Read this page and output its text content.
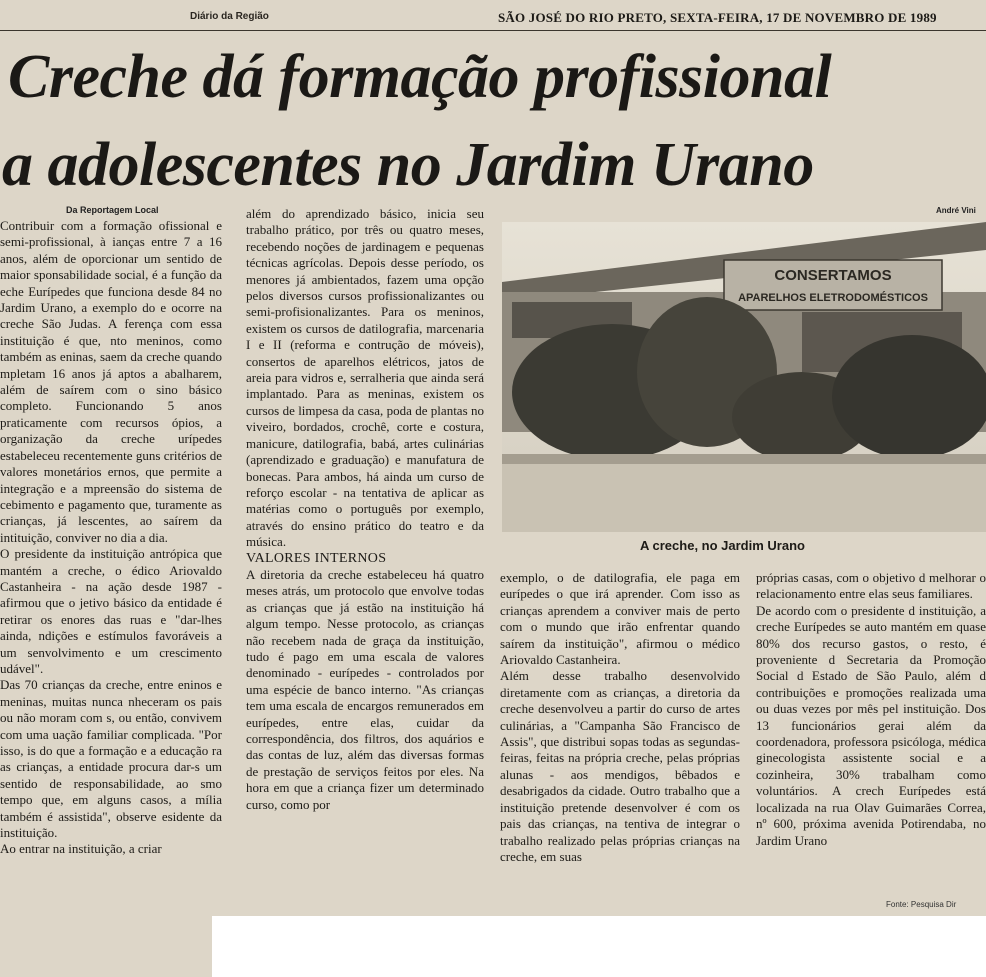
Diário da Região	SÃO JOSÉ DO RIO PRETO, SEXTA-FEIRA, 17 DE NOVEMBRO DE 1989
Creche dá formação profissional
a adolescentes no Jardim Urano
Da Reportagem Local	André Vini

Contribuir com a formação ofissional e semi-profissional, à ianças entre 7 a 16 anos, além de oporcionar um sentido de maior sponsabilidade social, é a função da eche Eurípedes que funciona desde 84 no Jardim Urano, a exemplo do e ocorre na creche São Judas. A ferença com essa instituição é que, nto meninos, como também as eninas, saem da creche quando mpletam 16 anos já aptos a abalharem, além de saírem com o sino básico completo. Funcionando 5 anos praticamente com recursos ópios, a organização da creche urípedes estabeleceu recentemente guns critérios de valores monetários ernos, que permite a integração e a mpreensão do sistema de cebimento e pagamento que, turamente as crianças, já lescentes, ao saírem da intituição, conviver no dia a dia.

O presidente da instituição antrópica que mantém a creche, o édico Ariovaldo Castanheira - na ação desde 1987 - afirmou que o jetivo básico da entidade é retirar os enores das ruas e "dar-lhes ainda, ndições e estímulos favoráveis a um senvolvimento e um crescimento udável".

Das 70 crianças da creche, entre eninos e meninas, muitas nunca nheceram os pais ou não moram com s, ou então, convivem com uma uação familiar complicada. "Por isso, is do que a formação e a educação ra as crianças, a entidade procura dar-s um sentido de responsabilidade, ao smo tempo que, em alguns casos, a mília também é assistida", observe esidente da instituição.

Ao entrar na instituição, a criar

além do aprendizado básico, inicia seu trabalho prático, por três ou quatro meses, recebendo noções de jardinagem e pequenas técnicas agrícolas. Depois desse período, os menores já ambientados, fazem uma opção pelos diversos cursos profissionalizantes ou semi-profisionalizantes. Para os meninos, existem os cursos de datilografia, marcenaria I e II (reforma e contrução de móveis), consertos de aparelhos elétricos, jatos de areia para vidros e, serralheria que ainda será implantado. Para as meninas, existem os cursos de limpesa da casa, poda de plantas no viveiro, bordados, crochê, corte e costura, manicure, datilografia, babá, artes culinárias (aprendizado e graduação) e manufatura de bonecas. Para ambos, há ainda um curso de reforço escolar - na tentativa de aplicar as matérias como o português por exemplo, através do ensino prático do teatro e da música.

VALORES INTERNOS

A diretoria da creche estabeleceu há quatro meses atrás, um protocolo que envolve todas as crianças que já estão na instituição há algum tempo. Nesse protocolo, as crianças não recebem nada de graça da instituição, tudo é pago em uma escala de valores denominado - eurípedes - controlados por uma espécie de banco interno. "As crianças tem uma escala de encargos remunerados em eurípedes, entre elas, cuidar da correspondência, dos filtros, dos aquários e das contas de luz, além das diversas formas de prestação de serviços feitos por eles. Na hora em que a criança fizer um determinado curso, como por

CONSERTAMOS
APARELHOS ELETRODOMÉSTICOS
A creche, no Jardim Urano

exemplo, o de datilografia, ele paga em eurípedes o que irá aprender. Com isso as crianças aprendem a conviver mais de perto com o mundo que irão enfrentar quando saírem da instituição", afirmou o médico Ariovaldo Castanheira.

Além desse trabalho desenvolvido diretamente com as crianças, a diretoria da creche desenvolveu a partir do curso de artes culinárias, a "Campanha São Francisco de Assis", que distribui sopas todas as segundas-feiras, feitas na própria creche, pelas próprias alunas - aos mendigos, bêbados e desabrigados da cidade. Outro trabalho que a instituição pretende desenvolver é com os pais das crianças, na tentiva de integrar o trabalho realizado pelas próprias crianças na creche, em suas

próprias casas, com o objetivo d melhorar o relacionamento entre elas seus familiares.

De acordo com o presidente d instituição, a creche Eurípedes se auto mantém em quase 80% dos recurso gastos, o resto, é proveniente d Secretaria da Promoção Social d Estado de São Paulo, além d contribuições e promoções realizada uma ou duas vezes por mês pel instituição. Dos 13 funcionários gerai além da coordenadora, professora psicóloga, médica ginecologista assistente social e a cozinheira, 30% trabalham como voluntários. A crech Eurípedes está localizada na rua Olav Guimarães Correa, nº 600, próxima avenida Potirendaba, no Jardim Urano

Fonte: Pesquisa Dir
